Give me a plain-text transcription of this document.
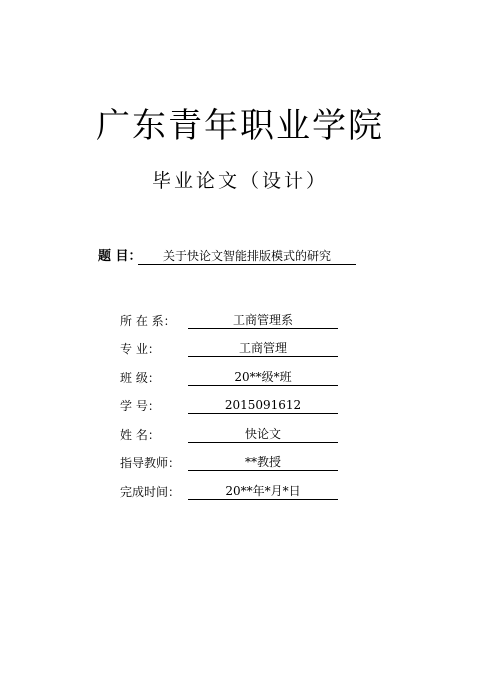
广东青年职业学院
毕业论文（设计）
题 目：	关于快论文智能排版模式的研究
所 在 系：	工商管理系
专 业：	工商管理
班 级：	20**级*班
学 号：	2015091612
姓 名：	快论文
指导教师：	**教授
完成时间：	20**年*月*日
